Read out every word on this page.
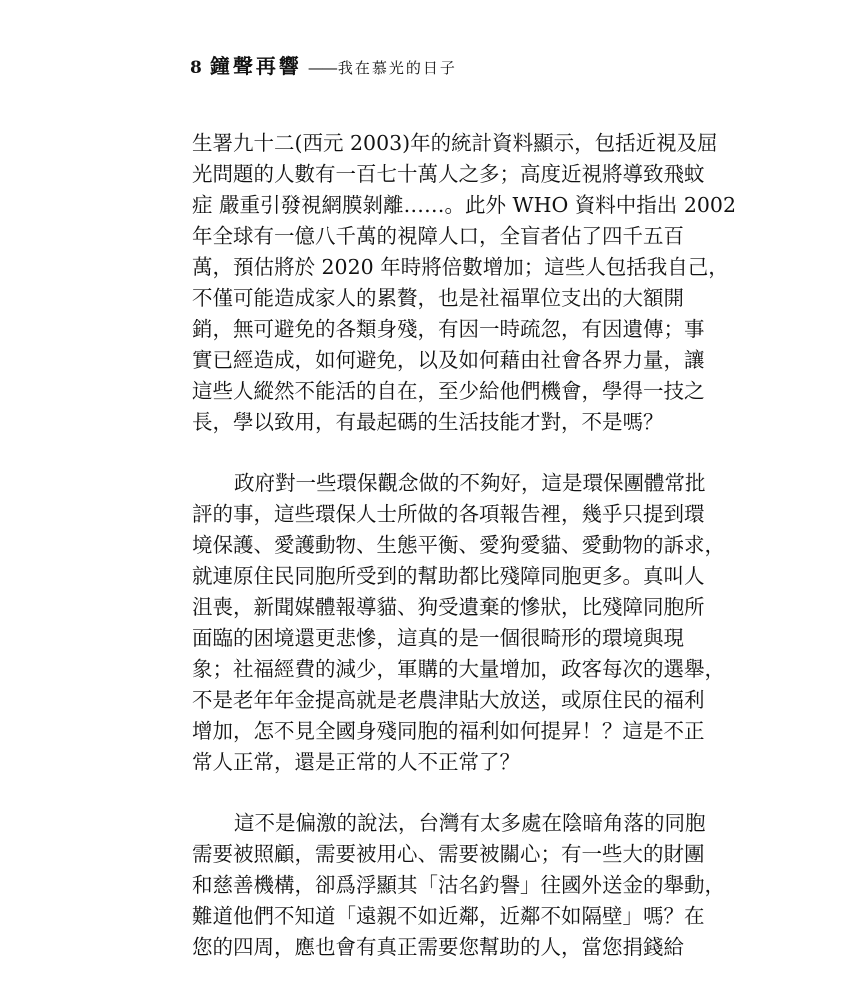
8 鐘聲再響 —— 我在慕光的日子
生署九十二(西元 2003)年的統計資料顯示，包括近視及屈
光問題的人數有一百七十萬人之多；高度近視將導致飛蚊
症 嚴重引發視網膜剝離……。此外 WHO 資料中指出 2002
年全球有一億八千萬的視障人口，全盲者佔了四千五百
萬，預估將於 2020 年時將倍數增加；這些人包括我自己，
不僅可能造成家人的累贅，也是社福單位支出的大額開
銷，無可避免的各類身殘，有因一時疏忽，有因遺傳；事
實已經造成，如何避免，以及如何藉由社會各界力量，讓
這些人縱然不能活的自在，至少給他們機會，學得一技之
長，學以致用，有最起碼的生活技能才對，不是嗎？
政府對一些環保觀念做的不夠好，這是環保團體常批
評的事，這些環保人士所做的各項報告裡，幾乎只提到環
境保護、愛護動物、生態平衡、愛狗愛貓、愛動物的訴求，
就連原住民同胞所受到的幫助都比殘障同胞更多。真叫人
沮喪，新聞媒體報導貓、狗受遺棄的慘狀，比殘障同胞所
面臨的困境還更悲慘，這真的是一個很畸形的環境與現
象；社福經費的減少，軍購的大量增加，政客每次的選舉，
不是老年年金提高就是老農津貼大放送，或原住民的福利
增加，怎不見全國身殘同胞的福利如何提昇！？這是不正
常人正常，還是正常的人不正常了？
這不是偏激的說法，台灣有太多處在陰暗角落的同胞
需要被照顧，需要被用心、需要被關心；有一些大的財團
和慈善機構，卻爲浮顯其「沽名釣譽」往國外送金的舉動，
難道他們不知道「遠親不如近鄰，近鄰不如隔壁」嗎？在
您的四周，應也會有真正需要您幫助的人，當您捐錢給
